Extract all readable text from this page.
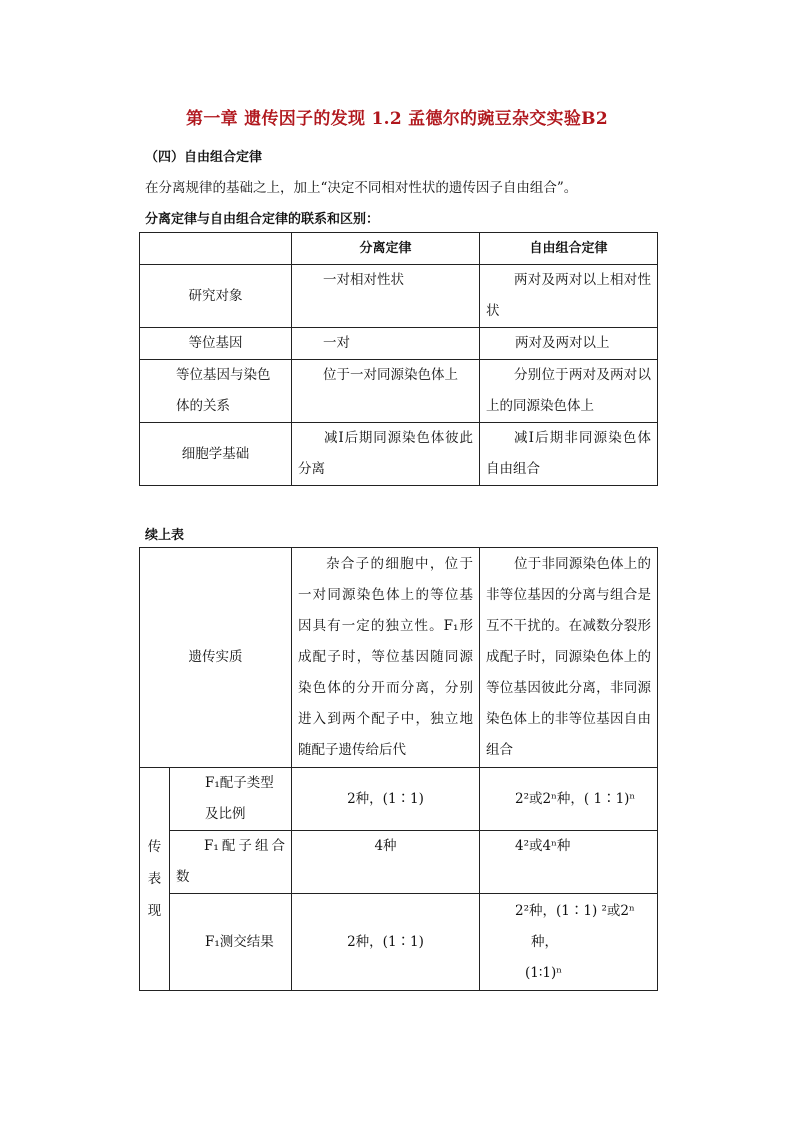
第一章 遗传因子的发现 1.2 孟德尔的豌豆杂交实验B2
（四）自由组合定律
在分离规律的基础之上，加上“决定不同相对性状的遗传因子自由组合”。
分离定律与自由组合定律的联系和区别：
	分离定律	自由组合定律
研究对象	一对相对性状	两对及两对以上相对性状
等位基因	一对	两对及两对以上
等位基因与染色体的关系	位于一对同源染色体上	分别位于两对及两对以上的同源染色体上
细胞学基础	减Ⅰ后期同源染色体彼此分离	减Ⅰ后期非同源染色体自由组合
续上表
遗传实质		杂合子的细胞中，位于一对同源染色体上的等位基因具有一定的独立性。F₁形成配子时，等位基因随同源染色体的分开而分离，分别进入到两个配子中，独立地随配子遗传给后代	位于非同源染色体上的非等位基因的分离与组合是互不干扰的。在减数分裂形成配子时，同源染色体上的等位基因彼此分离，非同源染色体上的非等位基因自由组合

传
表
现	F₁配子类型及比例	2种，(1∶1)	2²或2ⁿ种，( 1∶1)ⁿ
	F₁配子组合数	4种	4²或4ⁿ种
	F₁测交结果	2种，(1∶1)	2²种，(1∶1) ²或2ⁿ
种，
(1∶1)ⁿ
